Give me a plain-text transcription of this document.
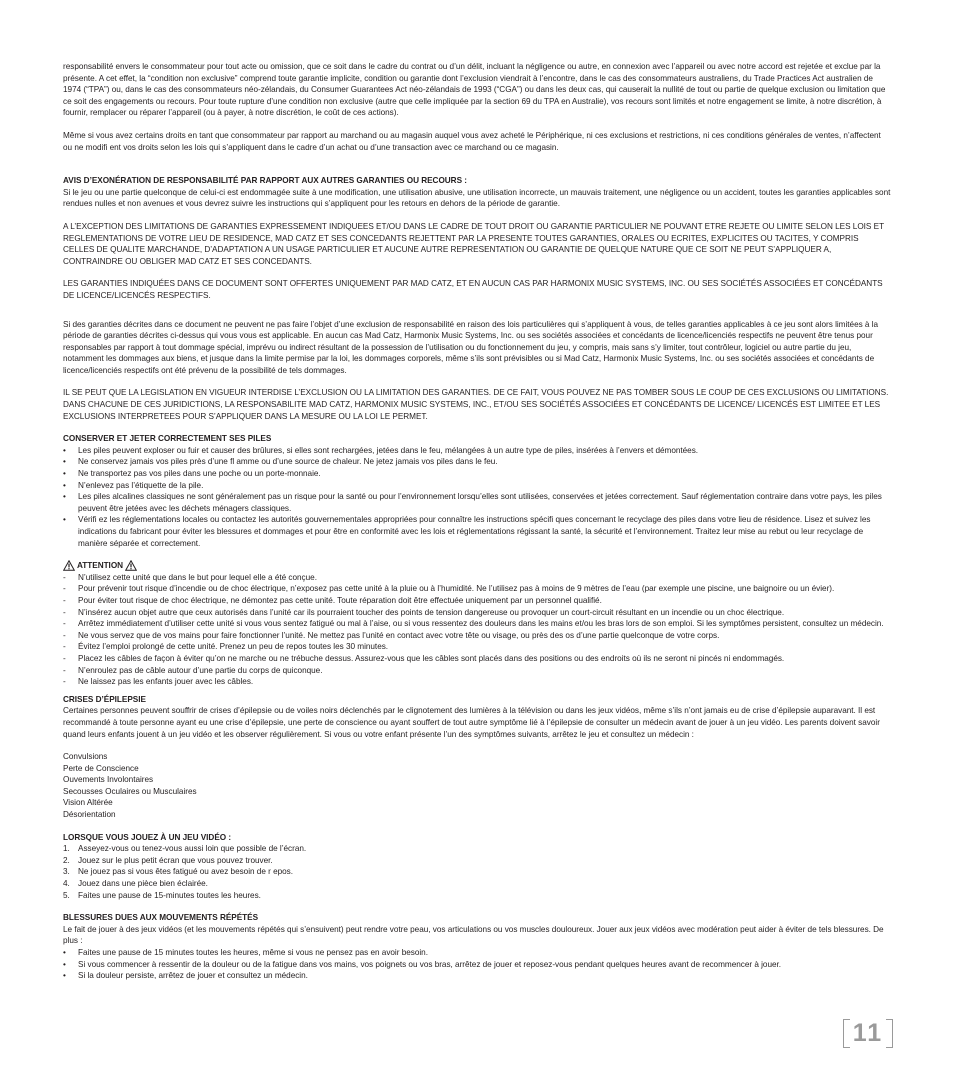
responsabilité envers le consommateur pour tout acte ou omission, que ce soit dans le cadre du contrat ou d’un délit, incluant la négligence ou autre, en connexion avec l’appareil ou avec notre accord est rejetée et exclue par la présente. A cet effet, la “condition non exclusive” comprend toute garantie implicite, condition ou garantie dont l’exclusion viendrait à l’encontre, dans le cas des consommateurs australiens, du Trade Practices Act australien de 1974 (“TPA”) ou, dans le cas des consommateurs néo-zélandais, du Consumer Guarantees Act néo-zélandais de 1993 (“CGA”) ou dans les deux cas, qui causerait la nullité de tout ou partie de quelque exclusion ou limitation que ce soit des engagements ou recours. Pour toute rupture d’une condition non exclusive (autre que celle impliquée par la section 69 du TPA en Australie), vos recours sont limités et notre engagement se limite, à notre discrétion, à fournir, remplacer ou réparer l’appareil (ou à payer, à notre discrétion, le coût de ces actions).

Même si vous avez certains droits en tant que consommateur par rapport au marchand ou au magasin auquel vous avez acheté le Périphérique, ni ces exclusions et restrictions, ni ces conditions générales de ventes, n’affectent ou ne modifi ent vos droits selon les lois qui s’appliquent dans le cadre d’un achat ou d’une transaction avec ce marchand ou ce magasin.

AVIS D’EXONÉRATION DE RESPONSABILITÉ PAR RAPPORT AUX AUTRES GARANTIES OU RECOURS :

Si le jeu ou une partie quelconque de celui-ci est endommagée suite à une modification, une utilisation abusive, une utilisation incorrecte, un mauvais traitement, une négligence ou un accident, toutes les garanties applicables sont rendues nulles et non avenues et vous devrez suivre les instructions qui s’appliquent pour les retours en dehors de la période de garantie.

A L’EXCEPTION DES LIMITATIONS DE GARANTIES EXPRESSEMENT INDIQUEES ET/OU DANS LE CADRE DE TOUT DROIT OU GARANTIE PARTICULIER NE POUVANT ETRE REJETE OU LIMITE SELON LES LOIS ET REGLEMENTATIONS DE VOTRE LIEU DE RESIDENCE, MAD CATZ ET SES CONCEDANTS REJETTENT PAR LA PRESENTE TOUTES GARANTIES, ORALES OU ECRITES, EXPLICITES OU TACITES, Y COMPRIS CELLES DE QUALITE MARCHANDE, D’ADAPTATION A UN USAGE PARTICULIER ET AUCUNE AUTRE REPRESENTATION OU GARANTIE DE QUELQUE NATURE QUE CE SOIT NE PEUT S’APPLIQUER A, CONTRAINDRE OU OBLIGER MAD CATZ ET SES CONCEDANTS.

LES GARANTIES INDIQUÉES DANS CE DOCUMENT SONT OFFERTES UNIQUEMENT PAR MAD CATZ, ET EN AUCUN CAS PAR HARMONIX MUSIC SYSTEMS, INC. OU SES SOCIÉTÉS ASSOCIÉES ET CONCÉDANTS DE LICENCE/LICENCÉS RESPECTIFS.

Si des garanties décrites dans ce document ne peuvent ne pas faire l’objet d’une exclusion de responsabilité en raison des lois particulières qui s’appliquent à vous, de telles garanties applicables à ce jeu sont alors limitées à la période de garanties décrites ci-dessus qui vous vous est applicable. En aucun cas Mad Catz, Harmonix Music Systems, Inc. ou ses sociétés associées et concédants de licence/licenciés respectifs ne peuvent être tenus pour responsables par rapport à tout dommage spécial, imprévu ou indirect résultant de la possession de l’utilisation ou du fonctionnement du jeu, y compris, mais sans s’y limiter, tout contrôleur, logiciel ou autre partie du jeu, notamment les dommages aux biens, et jusque dans la limite permise par la loi, les dommages corporels, même s’ils sont prévisibles ou si Mad Catz, Harmonix Music Systems, Inc. ou ses sociétés associées et concédants de licence/licenciés respectifs ont été prévenu de la possibilité de tels dommages.

IL SE PEUT QUE LA LEGISLATION EN VIGUEUR INTERDISE L’EXCLUSION OU LA LIMITATION DES GARANTIES. DE CE FAIT, VOUS POUVEZ NE PAS TOMBER SOUS LE COUP DE CES EXCLUSIONS OU LIMITATIONS. DANS CHACUNE DE CES JURIDICTIONS, LA RESPONSABILITE MAD CATZ, HARMONIX MUSIC SYSTEMS, INC., ET/OU SES SOCIÉTÉS ASSOCIÉES ET CONCÉDANTS DE LICENCE/ LICENCÉS EST LIMITEE ET LES EXCLUSIONS INTERPRETEES POUR S’APPLIQUER DANS LA MESURE OU LA LOI LE PERMET.

CONSERVER ET JETER CORRECTEMENT SES PILES

• Les piles peuvent exploser ou fuir et causer des brûlures, si elles sont rechargées, jetées dans le feu, mélangées à un autre type de piles, insérées à l’envers et démontées.
• Ne conservez jamais vos piles près d’une fl amme ou d’une source de chaleur. Ne jetez jamais vos piles dans le feu.
• Ne transportez pas vos piles dans une poche ou un porte-monnaie.
• N’enlevez pas l’étiquette de la pile.
• Les piles alcalines classiques ne sont généralement pas un risque pour la santé ou pour l’environnement lorsqu’elles sont utilisées, conservées et jetées correctement. Sauf réglementation contraire dans votre pays, les piles peuvent être jetées avec les déchets ménagers classiques.
• Vérifi ez les réglementations locales ou contactez les autorités gouvernementales appropriées pour connaître les instructions spécifi ques concernant le recyclage des piles dans votre lieu de résidence. Lisez et suivez les indications du fabricant pour éviter les blessures et dommages et pour être en conformité avec les lois et réglementations régissant la santé, la sécurité et l’environnement. Traitez leur mise au rebut ou leur recyclage de manière séparée et correctement.
ATTENTION
- N’utilisez cette unité que dans le but pour lequel elle a été conçue.
- Pour prévenir tout risque d’incendie ou de choc électrique, n’exposez pas cette unité à la pluie ou à l’humidité. Ne l’utilisez pas à moins de 9 mètres de l’eau (par exemple une piscine, une baignoire ou un évier).
- Pour éviter tout risque de choc électrique, ne démontez pas cette unité. Toute réparation doit être effectuée uniquement par un personnel qualifié.
- N’insérez aucun objet autre que ceux autorisés dans l’unité car ils pourraient toucher des points de tension dangereuse ou provoquer un court-circuit résultant en un incendie ou un choc électrique.
- Arrêtez immédiatement d’utiliser cette unité si vous vous sentez fatigué ou mal à l’aise, ou si vous ressentez des douleurs dans les mains et/ou les bras lors de son emploi. Si les symptômes persistent, consultez un médecin.
- Ne vous servez que de vos mains pour faire fonctionner l’unité. Ne mettez pas l’unité en contact avec votre tête ou visage, ou près des os d’une partie quelconque de votre corps.
- Évitez l’emploi prolongé de cette unité. Prenez un peu de repos toutes les 30 minutes.
- Placez les câbles de façon à éviter qu’on ne marche ou ne trébuche dessus. Assurez-vous que les câbles sont placés dans des positions ou des endroits où ils ne seront ni pincés ni endommagés.
- N’enroulez pas de câble autour d’une partie du corps de quiconque.
- Ne laissez pas les enfants jouer avec les câbles.

CRISES D’ÉPILEPSIE

Certaines personnes peuvent souffrir de crises d’épilepsie ou de voiles noirs déclenchés par le clignotement des lumières à la télévision ou dans les jeux vidéos, même s’ils n’ont jamais eu de crise d’épilepsie auparavant. Il est recommandé à toute personne ayant eu une crise d’épilepsie, une perte de conscience ou ayant souffert de tout autre symptôme lié à l’épilepsie de consulter un médecin avant de jouer à un jeu vidéo. Les parents doivent savoir quand leurs enfants jouent à un jeu vidéo et les observer régulièrement. Si vous ou votre enfant présente l’un des symptômes suivants, arrêtez le jeu et consultez un médecin :

Convulsions
Perte de Conscience
Ouvements Involontaires
Secousses Oculaires ou Musculaires
Vision Altérée
Désorientation

LORSQUE VOUS JOUEZ À UN JEU VIDÉO :

1. Asseyez-vous ou tenez-vous aussi loin que possible de l’écran.
2. Jouez sur le plus petit écran que vous pouvez trouver.
3. Ne jouez pas si vous êtes fatigué ou avez besoin de r epos.
4. Jouez dans une pièce bien éclairée.
5. Faites une pause de 15-minutes toutes les heures.

BLESSURES DUES AUX MOUVEMENTS RÉPÉTÉS

Le fait de jouer à des jeux vidéos (et les mouvements répétés qui s’ensuivent) peut rendre votre peau, vos articulations ou vos muscles douloureux. Jouer aux jeux vidéos avec modération peut aider à éviter de tels blessures. De plus :

• Faites une pause de 15 minutes toutes les heures, même si vous ne pensez pas en avoir besoin.
• Si vous commencer à ressentir de la douleur ou de la fatigue dans vos mains, vos poignets ou vos bras, arrêtez de jouer et reposez-vous pendant quelques heures avant de recommencer à jouer.
• Si la douleur persiste, arrêtez de jouer et consultez un médecin.
11
